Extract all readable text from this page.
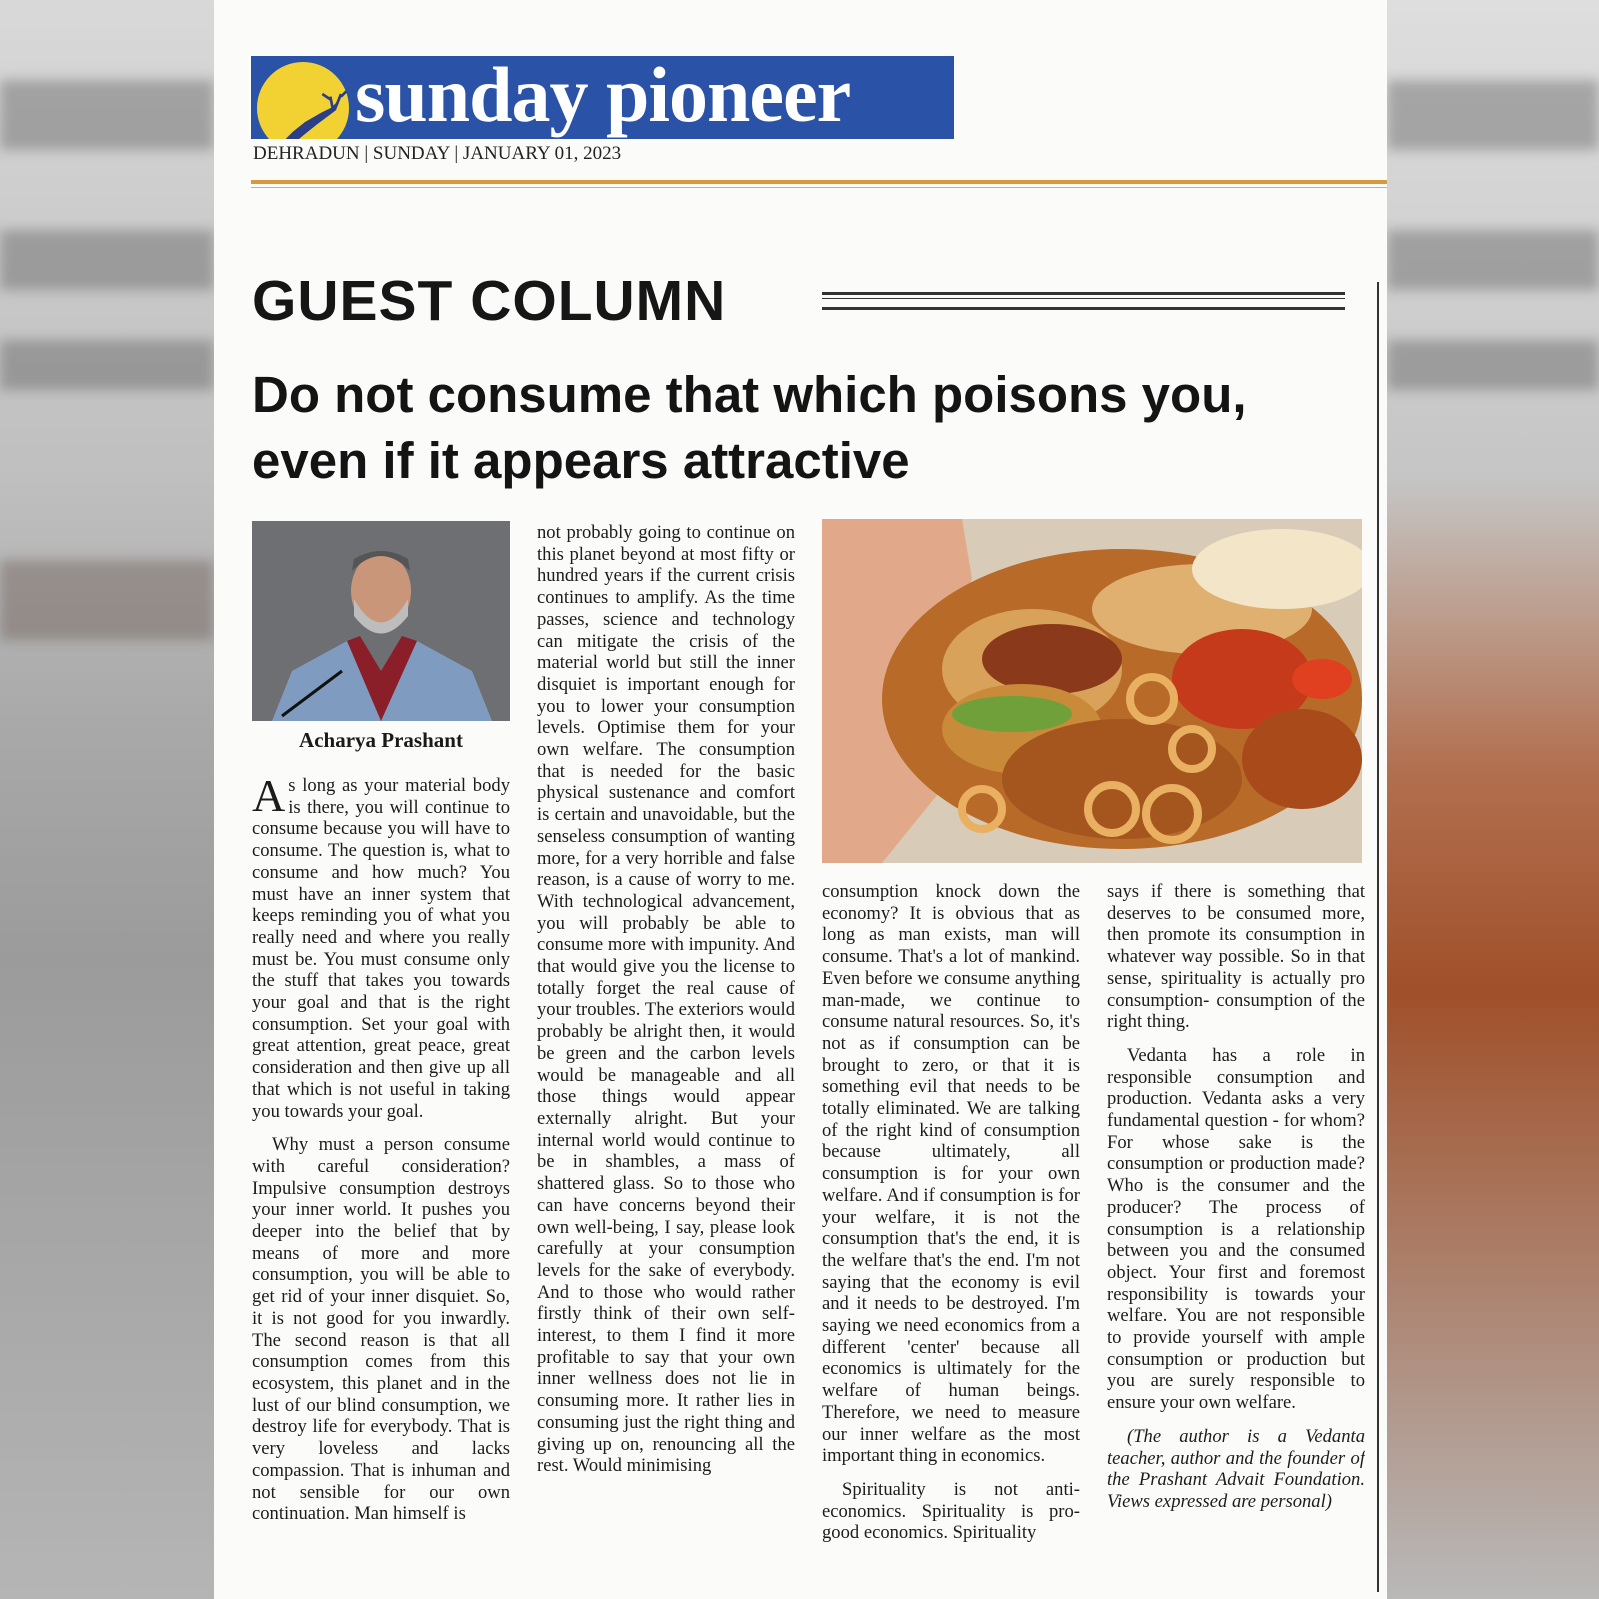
sunday pioneer
DEHRADUN | SUNDAY | JANUARY 01, 2023
GUEST COLUMN
Do not consume that which poisons you, even if it appears attractive
Acharya Prashant

As long as your material body is there, you will continue to consume because you will have to consume. The question is, what to consume and how much? You must have an inner system that keeps reminding you of what you really need and where you really must be. You must consume only the stuff that takes you towards your goal and that is the right consumption. Set your goal with great attention, great peace, great consideration and then give up all that which is not useful in taking you towards your goal.

Why must a person consume with careful consideration? Impulsive consumption destroys your inner world. It pushes you deeper into the belief that by means of more and more consumption, you will be able to get rid of your inner disquiet. So, it is not good for you inwardly. The second reason is that all consumption comes from this ecosystem, this planet and in the lust of our blind consumption, we destroy life for everybody. That is very loveless and lacks compassion. That is inhuman and not sensible for our own continuation. Man himself is

not probably going to continue on this planet beyond at most fifty or hundred years if the current crisis continues to amplify. As the time passes, science and technology can mitigate the crisis of the material world but still the inner disquiet is important enough for you to lower your consumption levels. Optimise them for your own welfare. The consumption that is needed for the basic physical sustenance and comfort is certain and unavoidable, but the senseless consumption of wanting more, for a very horrible and false reason, is a cause of worry to me. With technological advancement, you will probably be able to consume more with impunity. And that would give you the license to totally forget the real cause of your troubles. The exteriors would probably be alright then, it would be green and the carbon levels would be manageable and all those things would appear externally alright. But your internal world would continue to be in shambles, a mass of shattered glass. So to those who can have concerns beyond their own well-being, I say, please look carefully at your consumption levels for the sake of everybody. And to those who would rather firstly think of their own self-interest, to them I find it more profitable to say that your own inner wellness does not lie in consuming more. It rather lies in consuming just the right thing and giving up on, renouncing all the rest. Would minimising

consumption knock down the economy? It is obvious that as long as man exists, man will consume. That's a lot of mankind. Even before we consume anything man-made, we continue to consume natural resources. So, it's not as if consumption can be brought to zero, or that it is something evil that needs to be totally eliminated. We are talking of the right kind of consumption because ultimately, all consumption is for your own welfare. And if consumption is for your welfare, it is not the consumption that's the end, it is the welfare that's the end. I'm not saying that the economy is evil and it needs to be destroyed. I'm saying we need economics from a different 'center' because all economics is ultimately for the welfare of human beings. Therefore, we need to measure our inner welfare as the most important thing in economics.

Spirituality is not anti-economics. Spirituality is pro-good economics. Spirituality

says if there is something that deserves to be consumed more, then promote its consumption in whatever way possible. So in that sense, spirituality is actually pro consumption- consumption of the right thing.

Vedanta has a role in responsible consumption and production. Vedanta asks a very fundamental question - for whom? For whose sake is the consumption or production made? Who is the consumer and the producer? The process of consumption is a relationship between you and the consumed object. Your first and foremost responsibility is towards your welfare. You are not responsible to provide yourself with ample consumption or production but you are surely responsible to ensure your own welfare.

(The author is a Vedanta teacher, author and the founder of the Prashant Advait Foundation. Views expressed are personal)
